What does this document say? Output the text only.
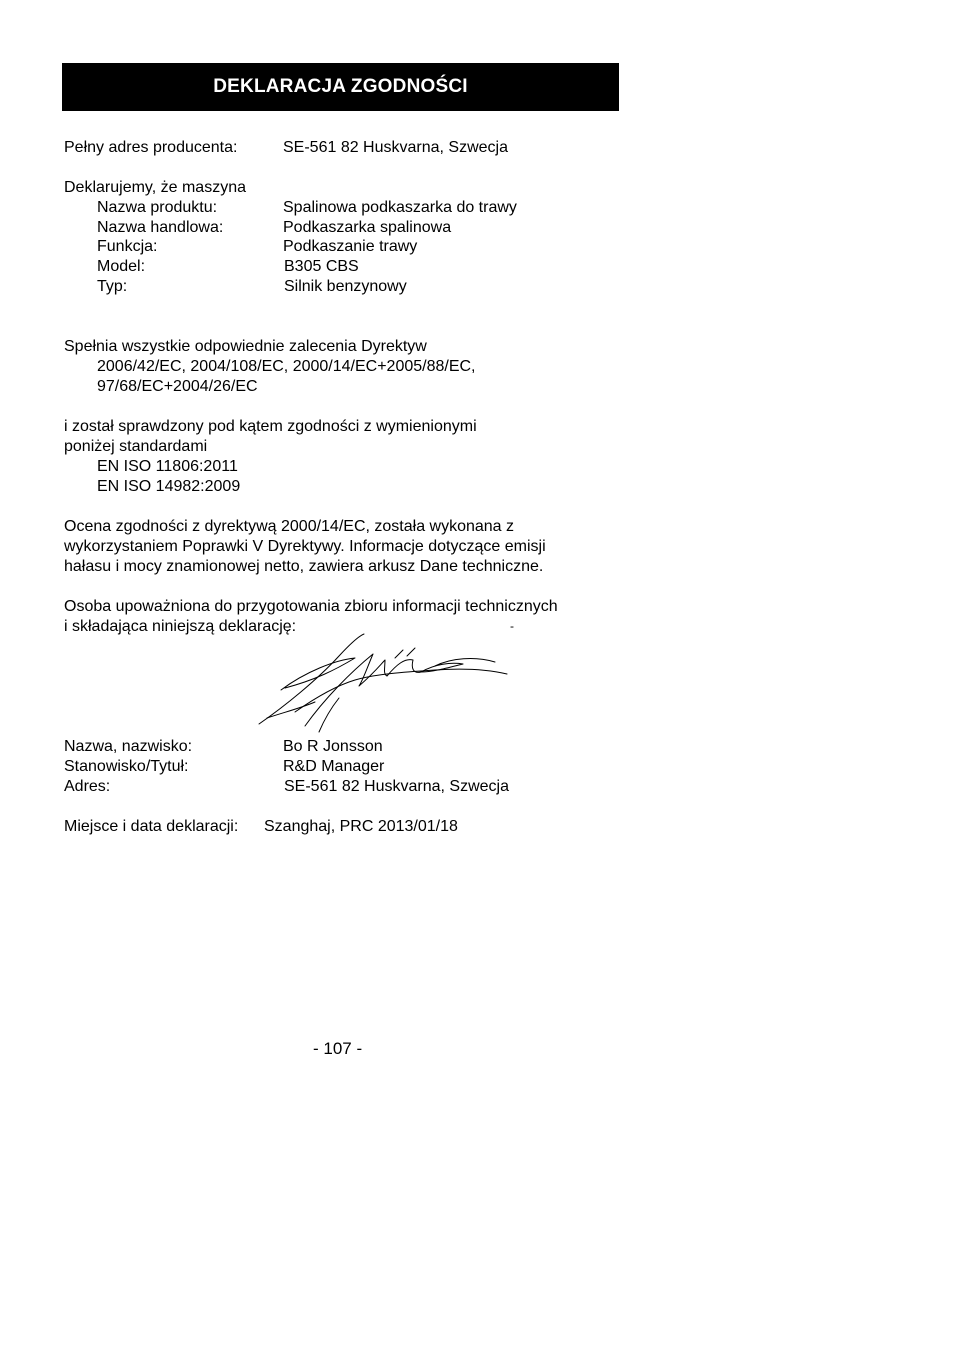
DEKLARACJA ZGODNOŚCI
Pełny adres producenta:	SE-561 82 Huskvarna, Szwecja
Deklarujemy, że maszyna
Nazwa produktu:	Spalinowa podkaszarka do trawy
Nazwa handlowa:	Podkaszarka spalinowa
Funkcja:	Podkaszanie trawy
Model:	B305 CBS
Typ:	Silnik benzynowy
Spełnia wszystkie odpowiednie zalecenia Dyrektyw
2006/42/EC, 2004/108/EC, 2000/14/EC+2005/88/EC,
97/68/EC+2004/26/EC
i został sprawdzony pod kątem zgodności z wymienionymi
poniżej standardami
EN ISO 11806:2011
EN ISO 14982:2009
Ocena zgodności z dyrektywą 2000/14/EC, została wykonana z
wykorzystaniem Poprawki V Dyrektywy. Informacje dotyczące emisji
hałasu i mocy znamionowej netto, zawiera arkusz Dane techniczne.
Osoba upoważniona do przygotowania zbioru informacji technicznych
i składająca niniejszą deklarację:	-
Nazwa, nazwisko:	Bo R Jonsson
Stanowisko/Tytuł:	R&D Manager
Adres:	SE-561 82 Huskvarna, Szwecja
Miejsce i data deklaracji: Szanghaj, PRC 2013/01/18
- 107 -
